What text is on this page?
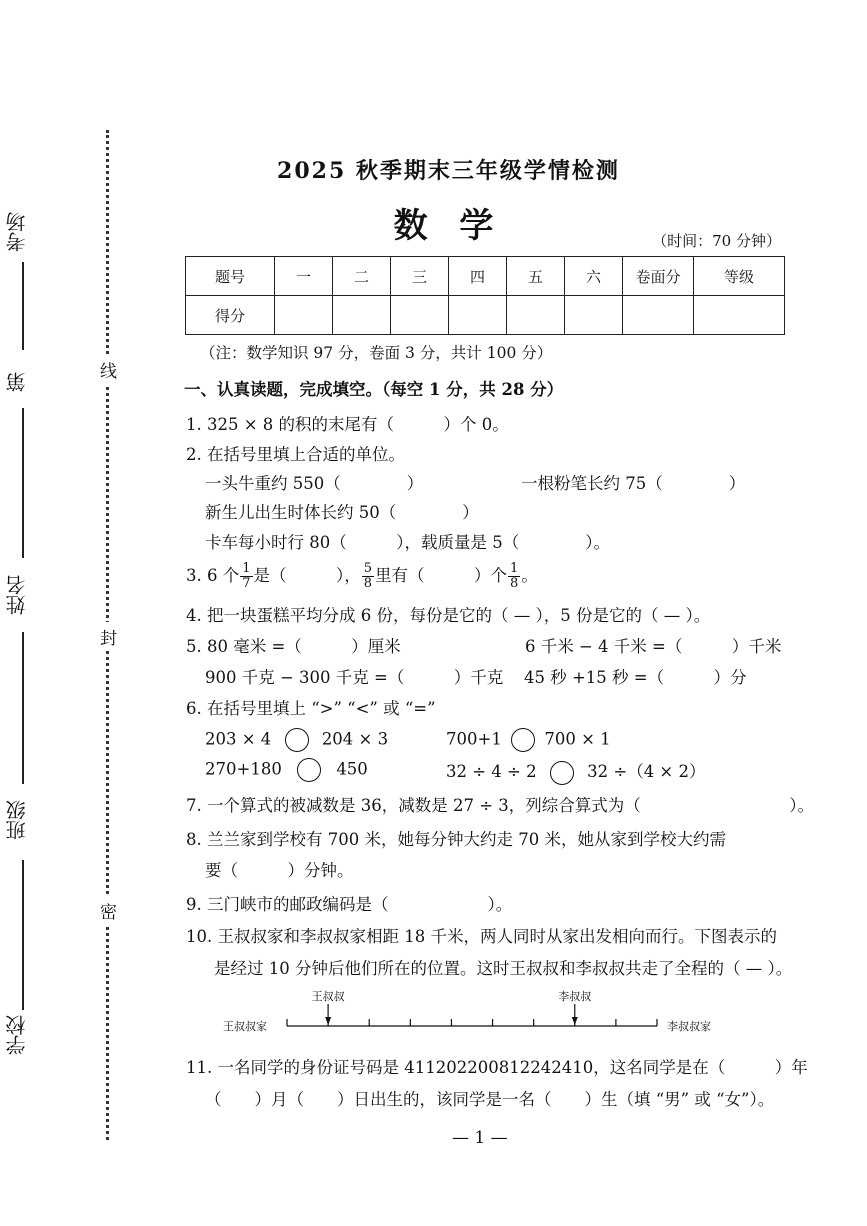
考场
第
姓名
班级
学校
线
封
密
2025 秋季期末三年级学情检测
数 学	（时间：70 分钟）
题号	一	二	三	四	五	六	卷面分	等级
得分								
（注：数学知识 97 分，卷面 3 分，共计 100 分）
一、认真读题，完成填空。（每空 1 分，共 28 分）
1. 325 × 8 的积的末尾有（　　　）个 0。
2. 在括号里填上合适的单位。
一头牛重约 550（　　　　）	一根粉笔长约 75（　　　　）
新生儿出生时体长约 50（　　　　）
卡车每小时行 80（　　　），载质量是 5（　　　　）。
3. 6 个 $\frac{1}{7}$ 是（　　　）， $\frac{5}{8}$ 里有（　　　）个 $\frac{1}{8}$ 。
4. 把一块蛋糕平均分成 6 份，每份是它的（ — ），5 份是它的（ — ）。
5. 80 毫米 =（　　　）厘米	6 千米 − 4 千米 =（　　　）千米
900 千克 − 300 千克 =（　　　）千克 45 秒 +15 秒 =（　　　）分
6. 在括号里填上 “>” “<” 或 “=”
203 × 4	204 × 3	700+1	700 × 1
270+180	450	32 ÷ 4 ÷ 2	32 ÷（4 × 2）
7. 一个算式的被减数是 36，减数是 27 ÷ 3，列综合算式为（　　　　　　　　　）。
8. 兰兰家到学校有 700 米，她每分钟大约走 70 米，她从家到学校大约需
要（　　　）分钟。
9. 三门峡市的邮政编码是（　　　　　　）。
10. 王叔叔家和李叔叔家相距 18 千米，两人同时从家出发相向而行。下图表示的
是经过 10 分钟后他们所在的位置。这时王叔叔和李叔叔共走了全程的（ — ）。
王叔叔家	李叔叔家
王叔叔	李叔叔
11. 一名同学的身份证号码是 411202200812242410，这名同学是在（　　　）年
（　　）月（　　）日出生的，该同学是一名（　　）生（填 “男” 或 “女”）。
— 1 —
